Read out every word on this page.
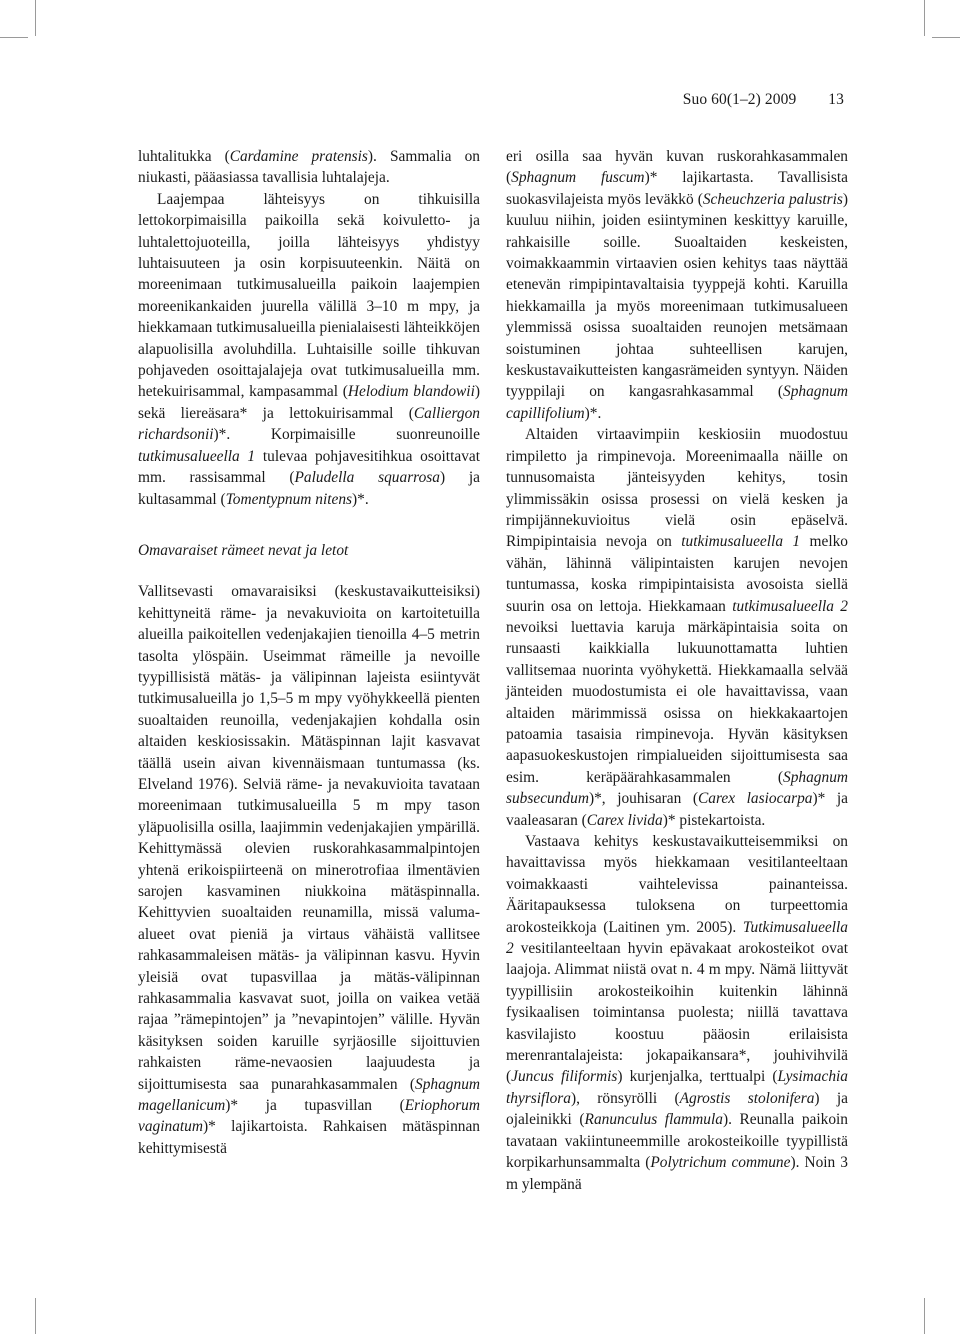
Suo 60(1–2) 2009 13

luhtalitukka (Cardamine pratensis). Sammalia on niukasti, pääasiassa tavallisia luhtalajeja.

Laajempaa lähteisyys on tihkuisilla lettokorpimaisilla paikoilla sekä koivuletto- ja luhtalettojuoteilla, joilla lähteisyys yhdistyy luhtaisuuteen ja osin korpisuuteenkin. Näitä on moreenimaan tutkimusalueilla paikoin laajempien moreenikankaiden juurella välillä 3–10 m mpy, ja hiekkamaan tutkimusalueilla pienialaisesti lähteikköjen alapuolisilla avoluhdilla. Luhtaisille soille tihkuvan pohjaveden osoittajalajeja ovat tutkimusalueilla mm. hetekuirisammal, kampasammal (Helodium blandowii) sekä liereäsara* ja lettokuirisammal (Calliergon richardsonii)*. Korpimaisille suonreunoille tutkimusalueella 1 tulevaa pohjavesitihkua osoittavat mm. rassisammal (Paludella squarrosa) ja kultasammal (Tomentypnum nitens)*.

Omavaraiset rämeet nevat ja letot

Vallitsevasti omavaraisiksi (keskustavaikutteisiksi) kehittyneitä räme- ja nevakuvioita on kartoitetuilla alueilla paikoitellen vedenjakajien tienoilla 4–5 metrin tasolta ylöspäin. Useimmat rämeille ja nevoille tyypillisistä mätäs- ja välipinnan lajeista esiintyvät tutkimusalueilla jo 1,5–5 m mpy vyöhykkeellä pienten suoaltaiden reunoilla, vedenjakajien kohdalla osin altaiden keskiosissakin. Mätäspinnan lajit kasvavat täällä usein aivan kivennäismaan tuntumassa (ks. Elveland 1976). Selviä räme- ja nevakuvioita tavataan moreenimaan tutkimusalueilla 5 m mpy tason yläpuolisilla osilla, laajimmin vedenjakajien ympärillä. Kehittymässä olevien ruskorahkasammalpintojen yhtenä erikoispiirteenä on minerotrofiaa ilmentävien sarojen kasvaminen niukkoina mätäspinnalla. Kehittyvien suoaltaiden reunamilla, missä valuma-alueet ovat pieniä ja virtaus vähäistä vallitsee rahkasammaleisen mätäs- ja välipinnan kasvu. Hyvin yleisiä ovat tupasvillaa ja mätäs-välipinnan rahkasammalia kasvavat suot, joilla on vaikea vetää rajaa ”rämepintojen” ja ”nevapintojen” välille. Hyvän käsityksen soiden karuille syrjäosille sijoittuvien rahkaisten räme-nevaosien laajuudesta ja sijoittumisesta saa punarahkasammalen (Sphagnum magellanicum)* ja tupasvillan (Eriophorum vaginatum)* lajikartoista. Rahkaisen mätäspinnan kehittymisestä

eri osilla saa hyvän kuvan ruskorahkasammalen (Sphagnum fuscum)* lajikartasta. Tavallisista suokasvilajeista myös leväkkö (Scheuchzeria palustris) kuuluu niihin, joiden esiintyminen keskittyy karuille, rahkaisille soille. Suoaltaiden keskeisten, voimakkaammin virtaavien osien kehitys taas näyttää etenevän rimpipintavaltaisia tyyppejä kohti. Karuilla hiekkamailla ja myös moreenimaan tutkimusalueen ylemmissä osissa suoaltaiden reunojen metsämaan soistuminen johtaa suhteellisen karujen, keskustavaikutteisten kangasrämeiden syntyyn. Näiden tyyppilaji on kangasrahkasammal (Sphagnum capillifolium)*.

Altaiden virtaavimpiin keskiosiin muodostuu rimpiletto ja rimpinevoja. Moreenimaalla näille on tunnusomaista jänteisyyden kehitys, tosin ylimmissäkin osissa prosessi on vielä kesken ja rimpijännekuvioitus vielä osin epäselvä. Rimpipintaisia nevoja on tutkimusalueella 1 melko vähän, lähinnä välipintaisten karujen nevojen tuntumassa, koska rimpipintaisista avosoista siellä suurin osa on lettoja. Hiekkamaan tutkimusalueella 2 nevoiksi luettavia karuja märkäpintaisia soita on runsaasti kaikkialla lukuunottamatta luhtien vallitsemaa nuorinta vyöhykettä. Hiekkamaalla selvää jänteiden muodostumista ei ole havaittavissa, vaan altaiden märimmissä osissa on hiekkakaartojen patoamia tasaisia rimpinevoja. Hyvän käsityksen aapasuokeskustojen rimpialueiden sijoittumisesta saa esim. keräpäärahkasammalen (Sphagnum subsecundum)*, jouhisaran (Carex lasiocarpa)* ja vaaleasaran (Carex livida)* pistekartoista.

Vastaava kehitys keskustavaikutteisemmiksi on havaittavissa myös hiekkamaan vesitilanteeltaan voimakkaasti vaihtelevissa painanteissa. Ääritapauksessa tuloksena on turpeettomia arokosteikkoja (Laitinen ym. 2005). Tutkimusalueella 2 vesitilanteeltaan hyvin epävakaat arokosteikot ovat laajoja. Alimmat niistä ovat n. 4 m mpy. Nämä liittyvät tyypillisiin arokosteikoihin kuitenkin lähinnä fysikaalisen toimintansa puolesta; niillä tavattava kasvilajisto koostuu pääosin erilaisista merenrantalajeista: jokapaikansara*, jouhivihvilä (Juncus filiformis) kurjenjalka, terttualpi (Lysimachia thyrsiflora), rönsyrölli (Agrostis stolonifera) ja ojaleinikki (Ranunculus flammula). Reunalla paikoin tavataan vakiintuneemmille arokosteikoille tyypillistä korpikarhunsammalta (Polytrichum commune). Noin 3 m ylempänä
